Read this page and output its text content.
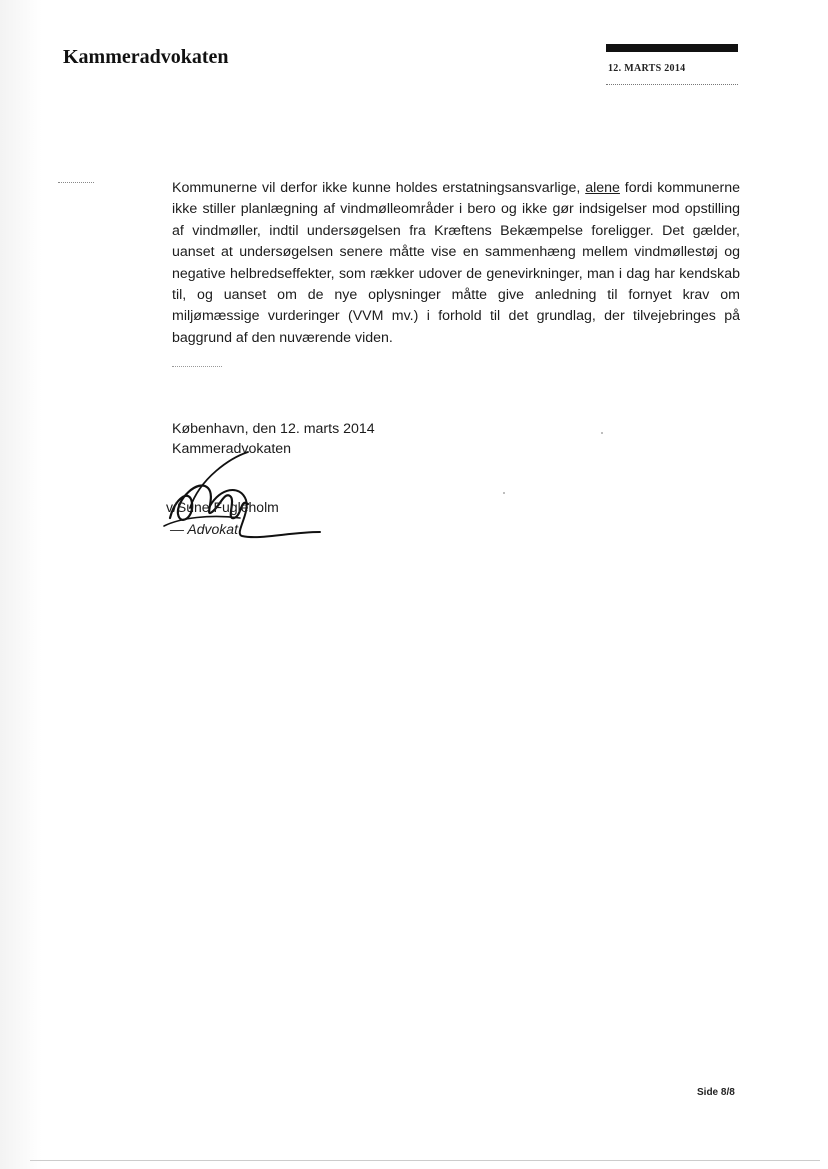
Kammeradvokaten
12. MARTS 2014

Kommunerne vil derfor ikke kunne holdes erstatningsansvarlige, alene fordi kommunerne ikke stiller planlægning af vindmølleområder i bero og ikke gør indsigelser mod opstilling af vindmøller, indtil undersøgelsen fra Kræftens Bekæmpelse foreligger. Det gælder, uanset at undersøgelsen senere måtte vise en sammenhæng mellem vindmøllestøj og negative helbredseffekter, som rækker udover de genevirkninger, man i dag har kendskab til, og uanset om de nye oplysninger måtte give anledning til fornyet krav om miljømæssige vurderinger (VVM mv.) i forhold til det grundlag, der tilvejebringes på baggrund af den nuværende viden.

København, den 12. marts 2014
Kammeradvokaten
v/Sune Fugleholm
— Advokat
Side 8/8
